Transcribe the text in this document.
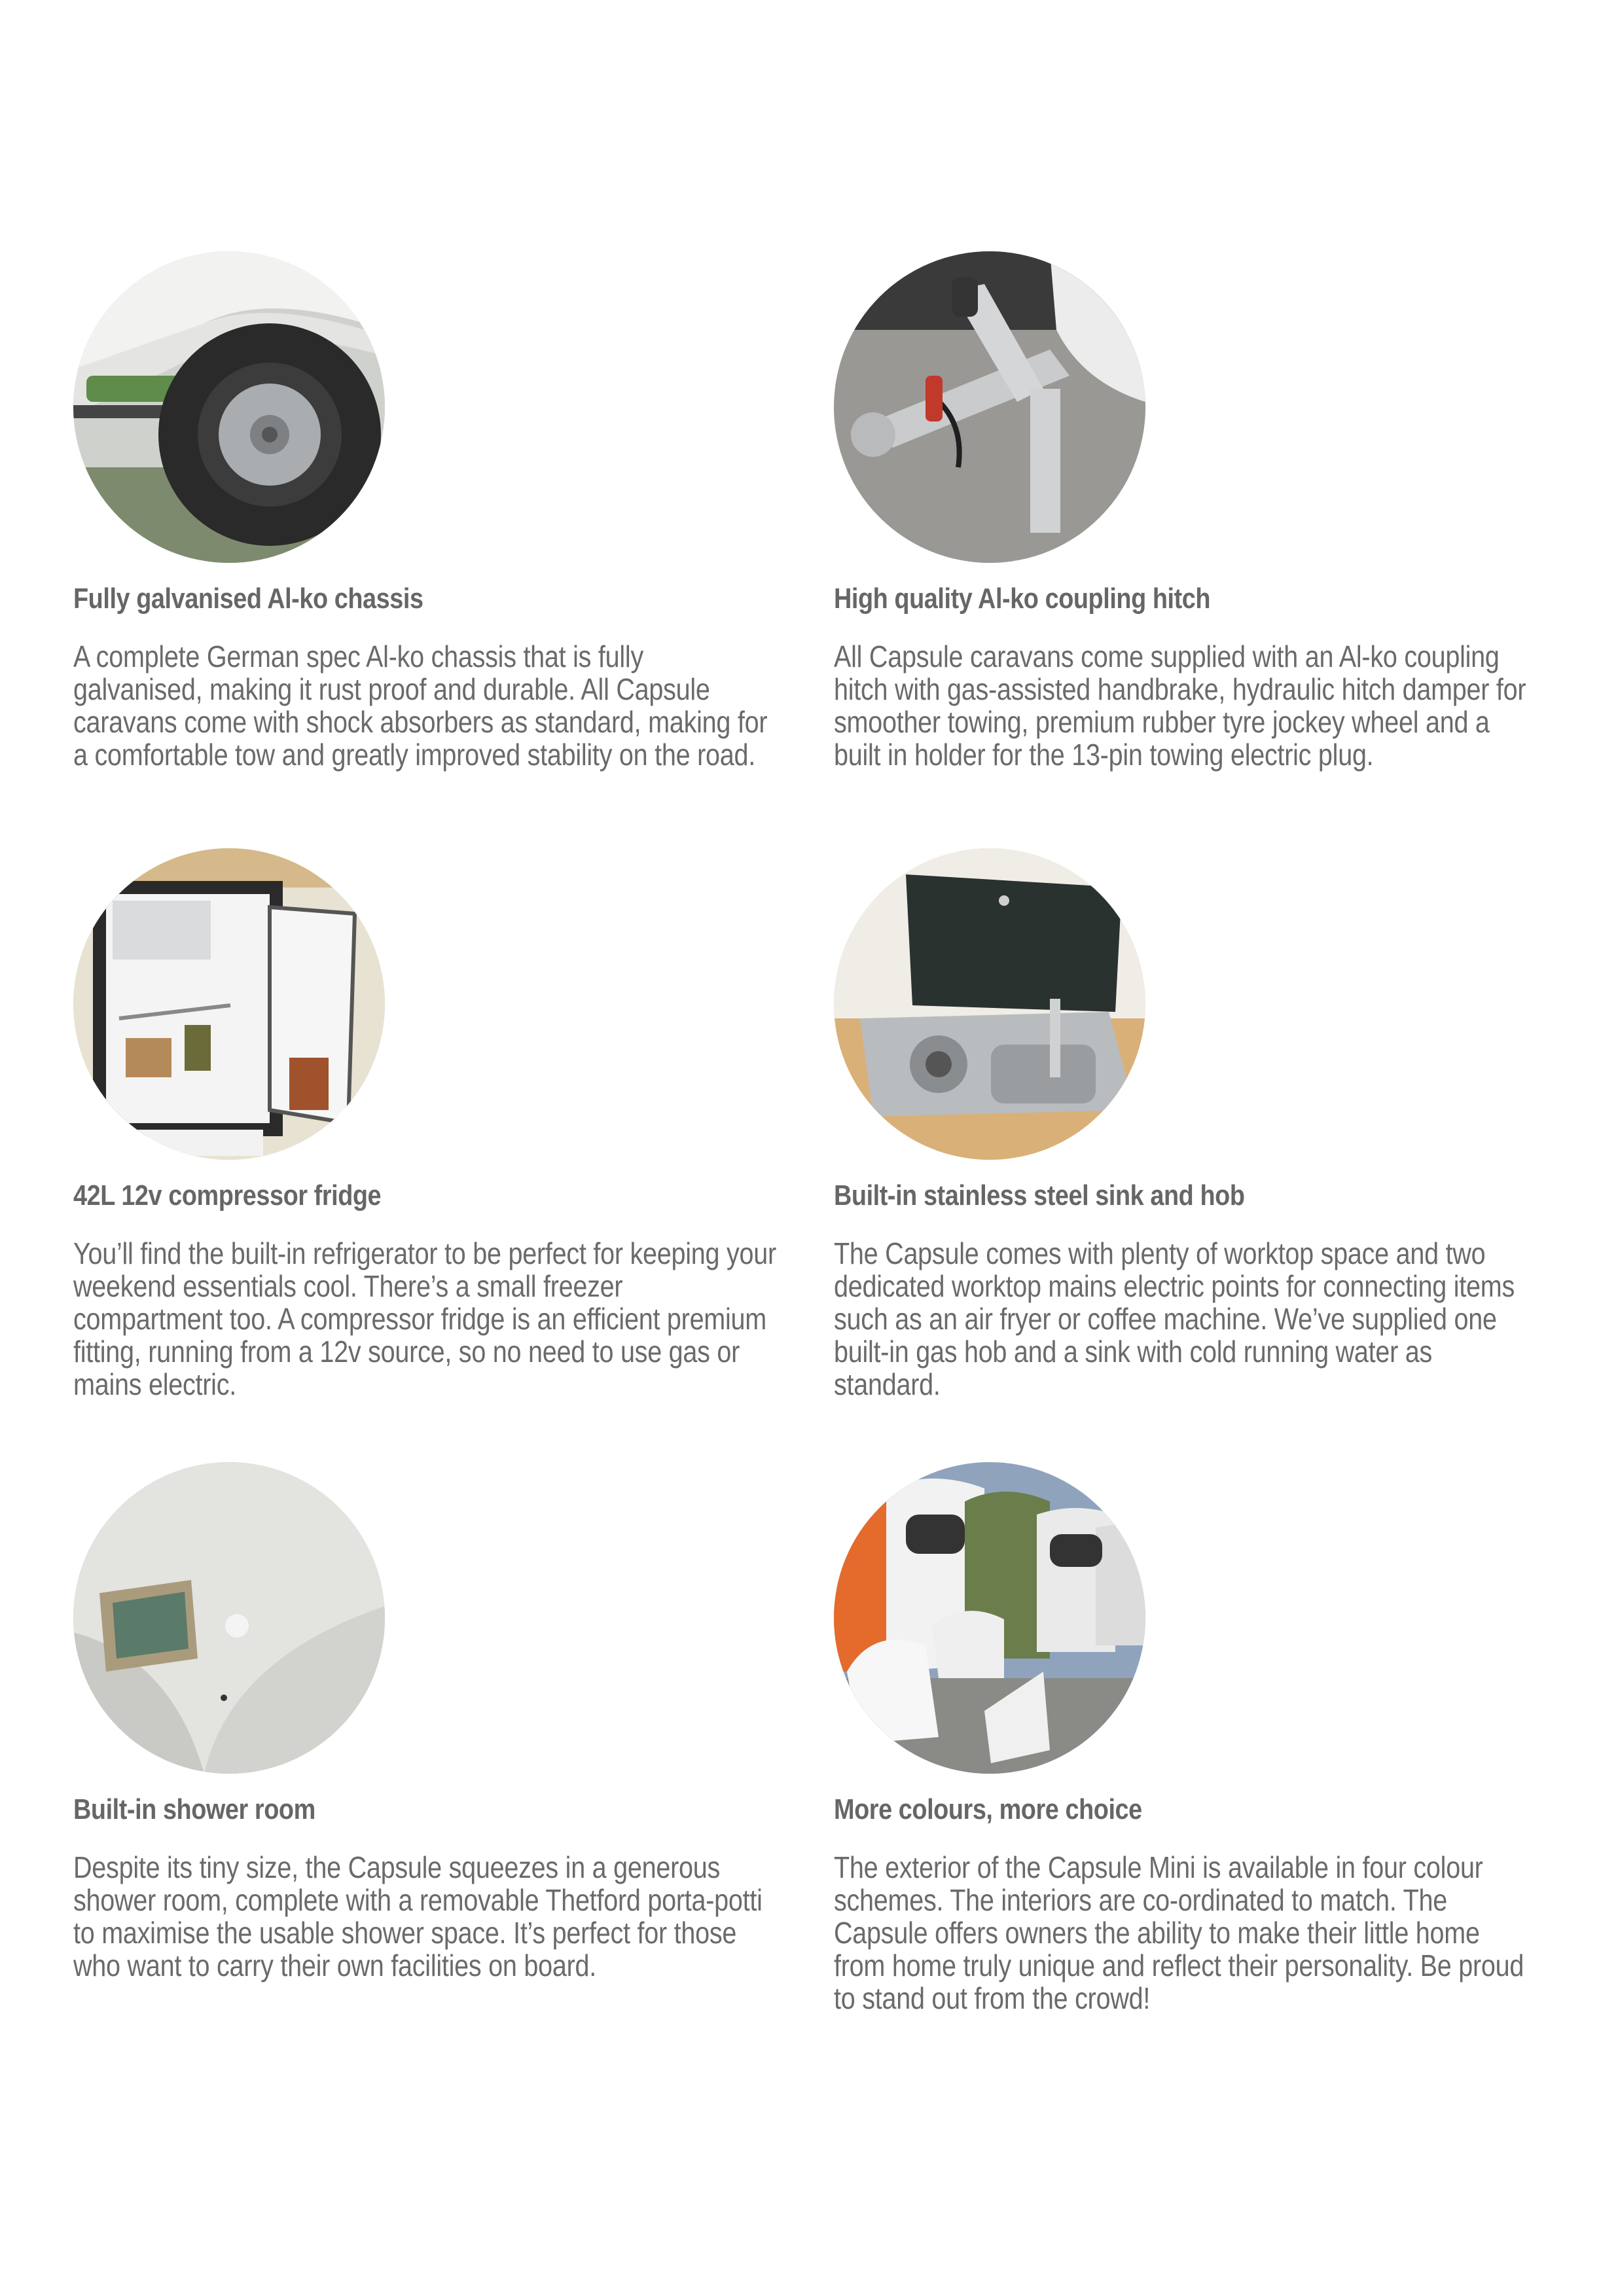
Fully galvanised Al-ko chassis

A complete German spec Al-ko chassis that is fully galvanised, making it rust proof and durable. All Capsule caravans come with shock absorbers as standard, making for a comfortable tow and greatly improved stability on the road.

High quality Al-ko coupling hitch

All Capsule caravans come supplied with an Al-ko coupling hitch with gas-assisted handbrake, hydraulic hitch damper for smoother towing, premium rubber tyre jockey wheel and a built in holder for the 13-pin towing electric plug.

42L 12v compressor fridge

You’ll find the built-in refrigerator to be perfect for keeping your weekend essentials cool. There’s a small freezer compartment too. A compressor fridge is an efficient premium fitting, running from a 12v source, so no need to use gas or mains electric.

Built-in stainless steel sink and hob

The Capsule comes with plenty of worktop space and two dedicated worktop mains electric points for connecting items such as an air fryer or coffee machine. We’ve supplied one built-in gas hob and a sink with cold running water as standard.

Built-in shower room

Despite its tiny size, the Capsule squeezes in a generous shower room, complete with a removable Thetford porta-potti to maximise the usable shower space. It’s perfect for those who want to carry their own facilities on board.

More colours, more choice

The exterior of the Capsule Mini is available in four colour schemes. The interiors are co-ordinated to match. The Capsule offers owners the ability to make their little home from home truly unique and reflect their personality. Be proud to stand out from the crowd!
